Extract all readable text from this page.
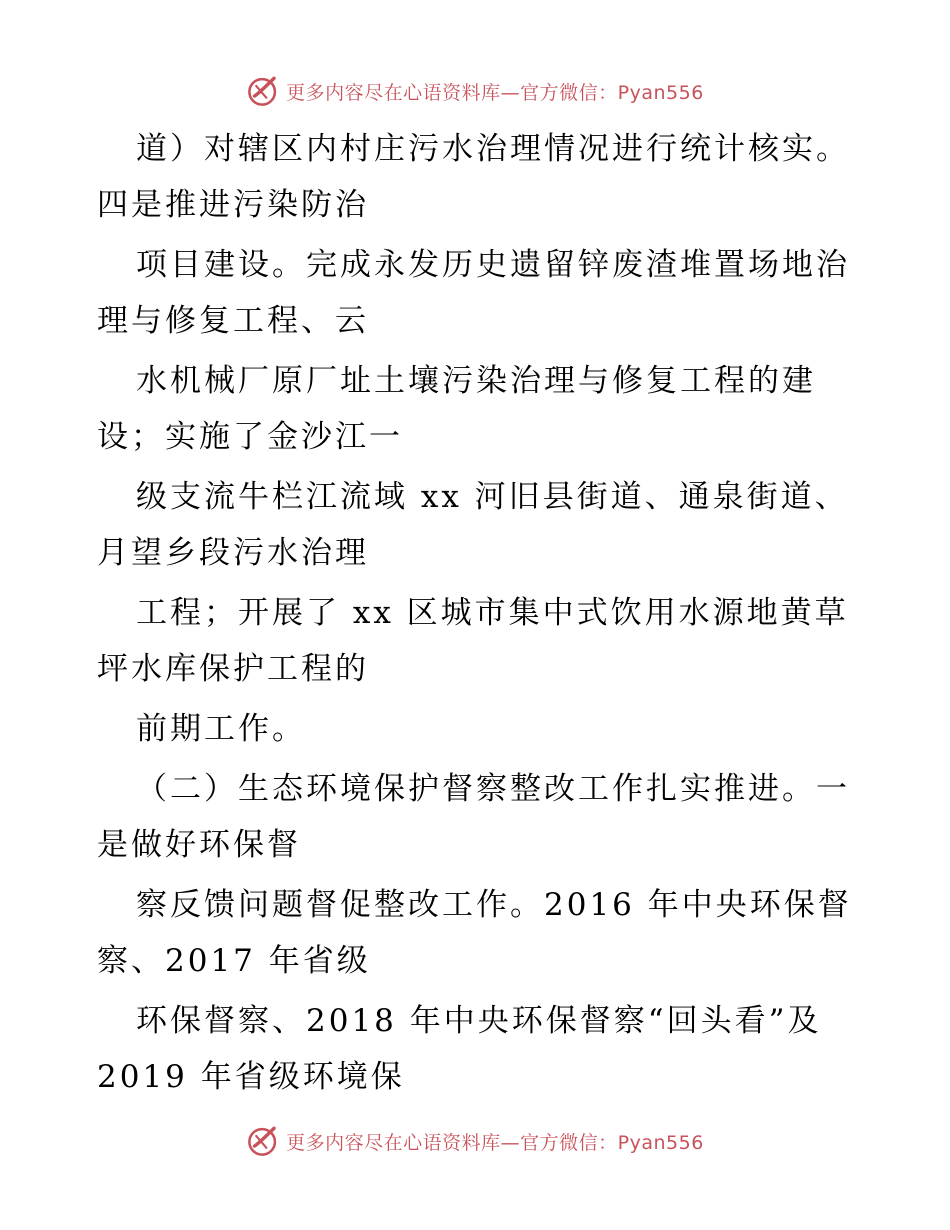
更多内容尽在心语资料库—官方微信：Pyan556
道）对辖区内村庄污水治理情况进行统计核实。
四是推进污染防治
项目建设。完成永发历史遗留锌废渣堆置场地治
理与修复工程、云
水机械厂原厂址土壤污染治理与修复工程的建
设；实施了金沙江一
级支流牛栏江流域 xx 河旧县街道、通泉街道、
月望乡段污水治理
工程；开展了 xx 区城市集中式饮用水源地黄草
坪水库保护工程的
前期工作。
（二）生态环境保护督察整改工作扎实推进。一
是做好环保督
察反馈问题督促整改工作。2016 年中央环保督
察、2017 年省级
环保督察、2018 年中央环保督察“回头看”及
2019 年省级环境保
更多内容尽在心语资料库—官方微信：Pyan556
